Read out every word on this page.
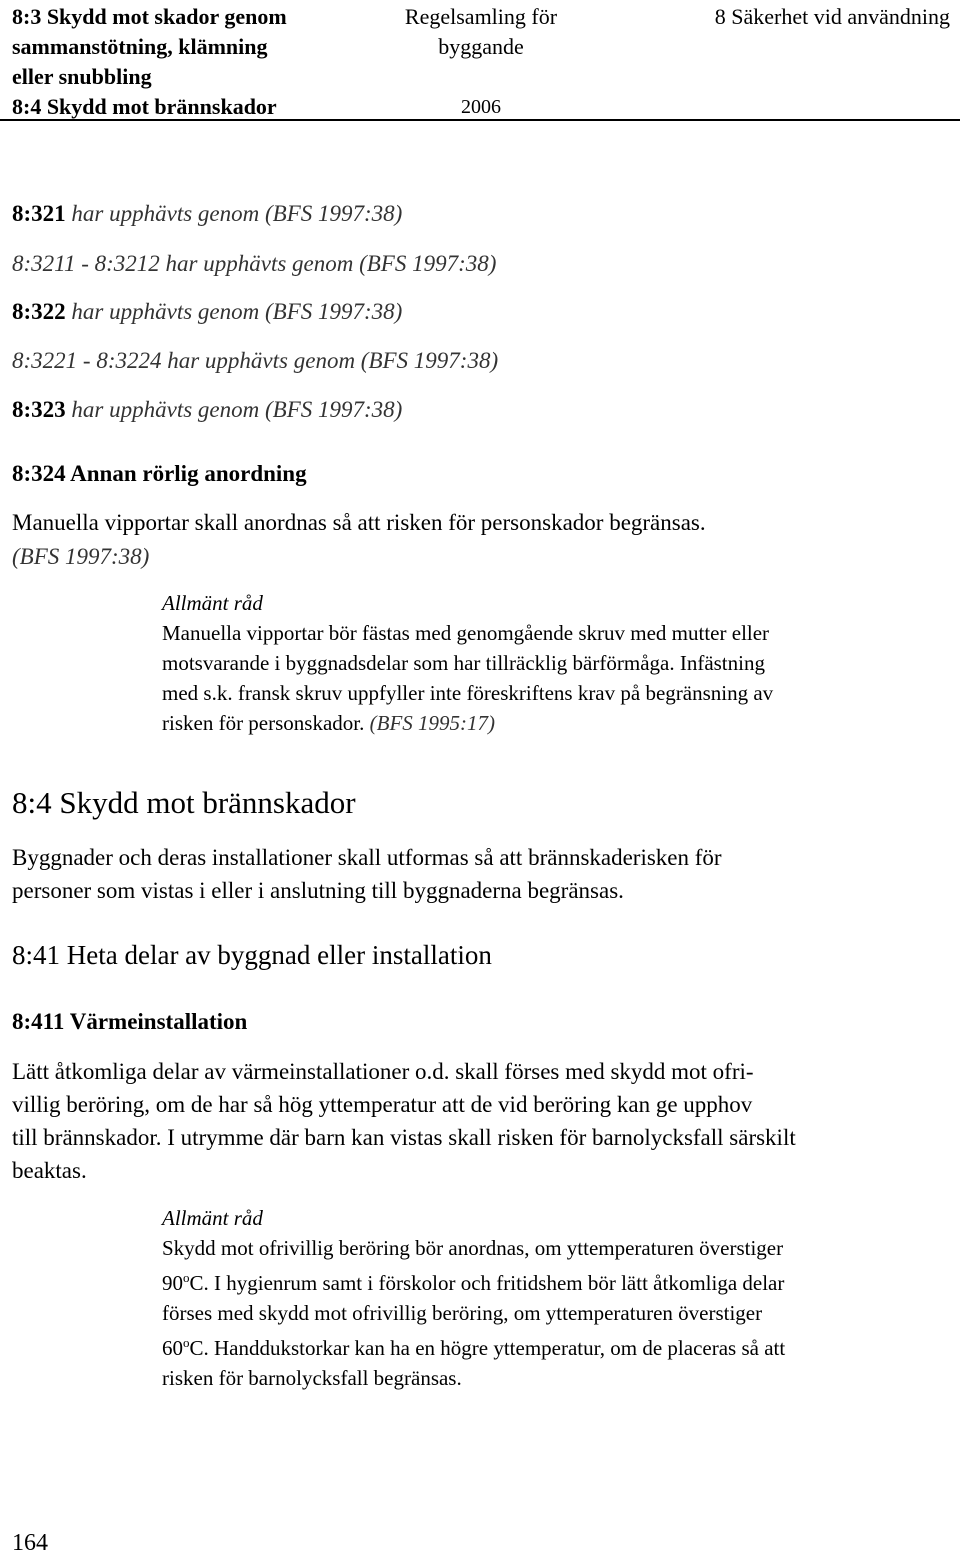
8:3 Skydd mot skador genom
sammanstötning, klämning
eller snubbling
8:4 Skydd mot brännskador
Regelsamling för
byggande
2006
8 Säkerhet vid användning
8:321 har upphävts genom (BFS 1997:38)
8:3211 - 8:3212 har upphävts genom (BFS 1997:38)
8:322 har upphävts genom (BFS 1997:38)
8:3221 - 8:3224 har upphävts genom (BFS 1997:38)
8:323 har upphävts genom (BFS 1997:38)
8:324 Annan rörlig anordning
Manuella vipportar skall anordnas så att risken för personskador begränsas.
(BFS 1997:38)
Allmänt råd
Manuella vipportar bör fästas med genomgående skruv med mutter eller
motsvarande i byggnadsdelar som har tillräcklig bärförmåga. Infästning
med s.k. fransk skruv uppfyller inte föreskriftens krav på begränsning av
risken för personskador. (BFS 1995:17)
8:4 Skydd mot brännskador
Byggnader och deras installationer skall utformas så att brännskaderisken för
personer som vistas i eller i anslutning till byggnaderna begränsas.
8:41 Heta delar av byggnad eller installation
8:411 Värmeinstallation
Lätt åtkomliga delar av värmeinstallationer o.d. skall förses med skydd mot ofri-
villig beröring, om de har så hög yttemperatur att de vid beröring kan ge upphov
till brännskador. I utrymme där barn kan vistas skall risken för barnolycksfall särskilt
beaktas.
Allmänt råd
Skydd mot ofrivillig beröring bör anordnas, om yttemperaturen överstiger
90$^o$C. I hygienrum samt i förskolor och fritidshem bör lätt åtkomliga delar
förses med skydd mot ofrivillig beröring, om yttemperaturen överstiger
60$^o$C. Handdukstorkar kan ha en högre yttemperatur, om de placeras så att
risken för barnolycksfall begränsas.
164
